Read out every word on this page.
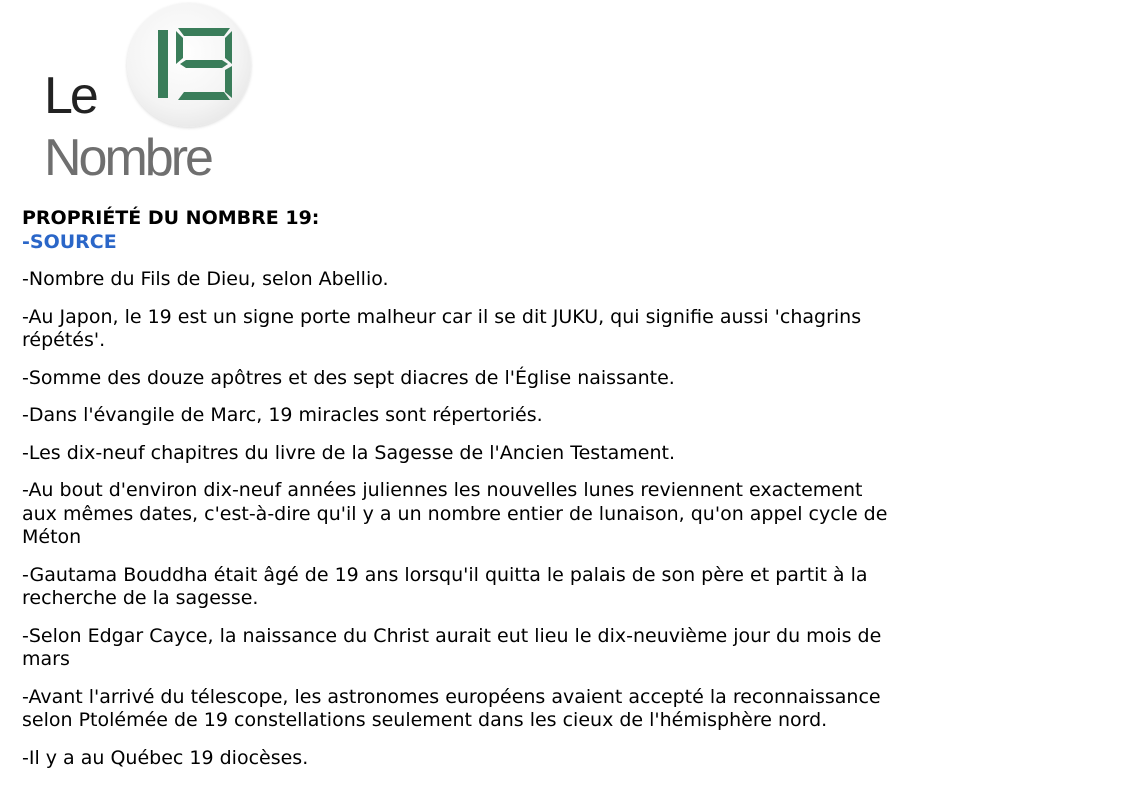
Le
Nombre

PROPRIÉTÉ DU NOMBRE 19:

-SOURCE

-Nombre du Fils de Dieu, selon Abellio.

-Au Japon, le 19 est un signe porte malheur car il se dit JUKU, qui signifie aussi 'chagrins répétés'.

-Somme des douze apôtres et des sept diacres de l'Église naissante.

-Dans l'évangile de Marc, 19 miracles sont répertoriés.

-Les dix-neuf chapitres du livre de la Sagesse de l'Ancien Testament.

-Au bout d'environ dix-neuf années juliennes les nouvelles lunes reviennent exactement aux mêmes dates, c'est-à-dire qu'il y a un nombre entier de lunaison, qu'on appel cycle de Méton

-Gautama Bouddha était âgé de 19 ans lorsqu'il quitta le palais de son père et partit à la recherche de la sagesse.

-Selon Edgar Cayce, la naissance du Christ aurait eut lieu le dix-neuvième jour du mois de mars

-Avant l'arrivé du télescope, les astronomes européens avaient accepté la reconnaissance selon Ptolémée de 19 constellations seulement dans les cieux de l'hémisphère nord.

-Il y a au Québec 19 diocèses.
